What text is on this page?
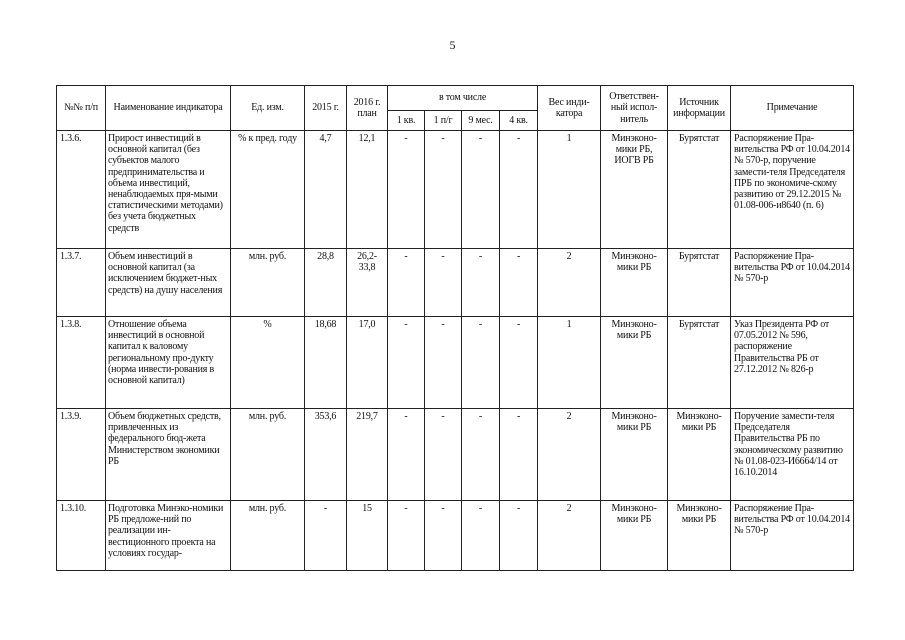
5
№№ п/п	Наименование индикатора	Ед. изм.	2015 г.	2016 г. план	в том числе				Вес инди-катора	Ответствен-ный испол-нитель	Источник информации	Примечание
					1 кв.	1 п/г	9 мес.	4 кв.				
1.3.6.	Прирост инвестиций в основной капитал (без субъектов малого предпринимательства и объема инвестиций, ненаблюдаемых пря-мыми статистическими методами) без учета бюджетных средств	% к пред. году	4,7	12,1	-	-	-	-	1	Минэконо-мики РБ, ИОГВ РБ	Бурятстат	Распоряжение Пра-вительства РФ от 10.04.2014 № 570-р, поручение замести-теля Председателя ПРБ по экономиче-скому развитию от 29.12.2015 № 01.08-006-и8640 (п. 6)
1.3.7.	Объем инвестиций в основной капитал (за исключением бюджет-ных средств) на душу населения	млн. руб.	28,8	26,2-33,8	-	-	-	-	2	Минэконо-мики РБ	Бурятстат	Распоряжение Пра-вительства РФ от 10.04.2014 № 570-р
1.3.8.	Отношение объема инвестиций в основной капитал к валовому региональному про-дукту (норма инвести-рования в основной капитал)	%	18,68	17,0	-	-	-	-	1	Минэконо-мики РБ	Бурятстат	Указ Президента РФ от 07.05.2012 № 596, распоряжение Правительства РБ от 27.12.2012 № 826-р
1.3.9.	Объем бюджетных средств, привлеченных из федерального бюд-жета Министерством экономики РБ	млн. руб.	353,6	219,7	-	-	-	-	2	Минэконо-мики РБ	Минэконо-мики РБ	Поручение замести-теля Председателя Правительства РБ по экономическому развитию № 01.08-023-И6664/14 от 16.10.2014
1.3.10.	Подготовка Минэко-номики РБ предложе-ний по реализации ин-вестиционного проекта на условиях государ-	млн. руб.	-	15	-	-	-	-	2	Минэконо-мики РБ	Минэконо-мики РБ	Распоряжение Пра-вительства РФ от 10.04.2014 № 570-р
